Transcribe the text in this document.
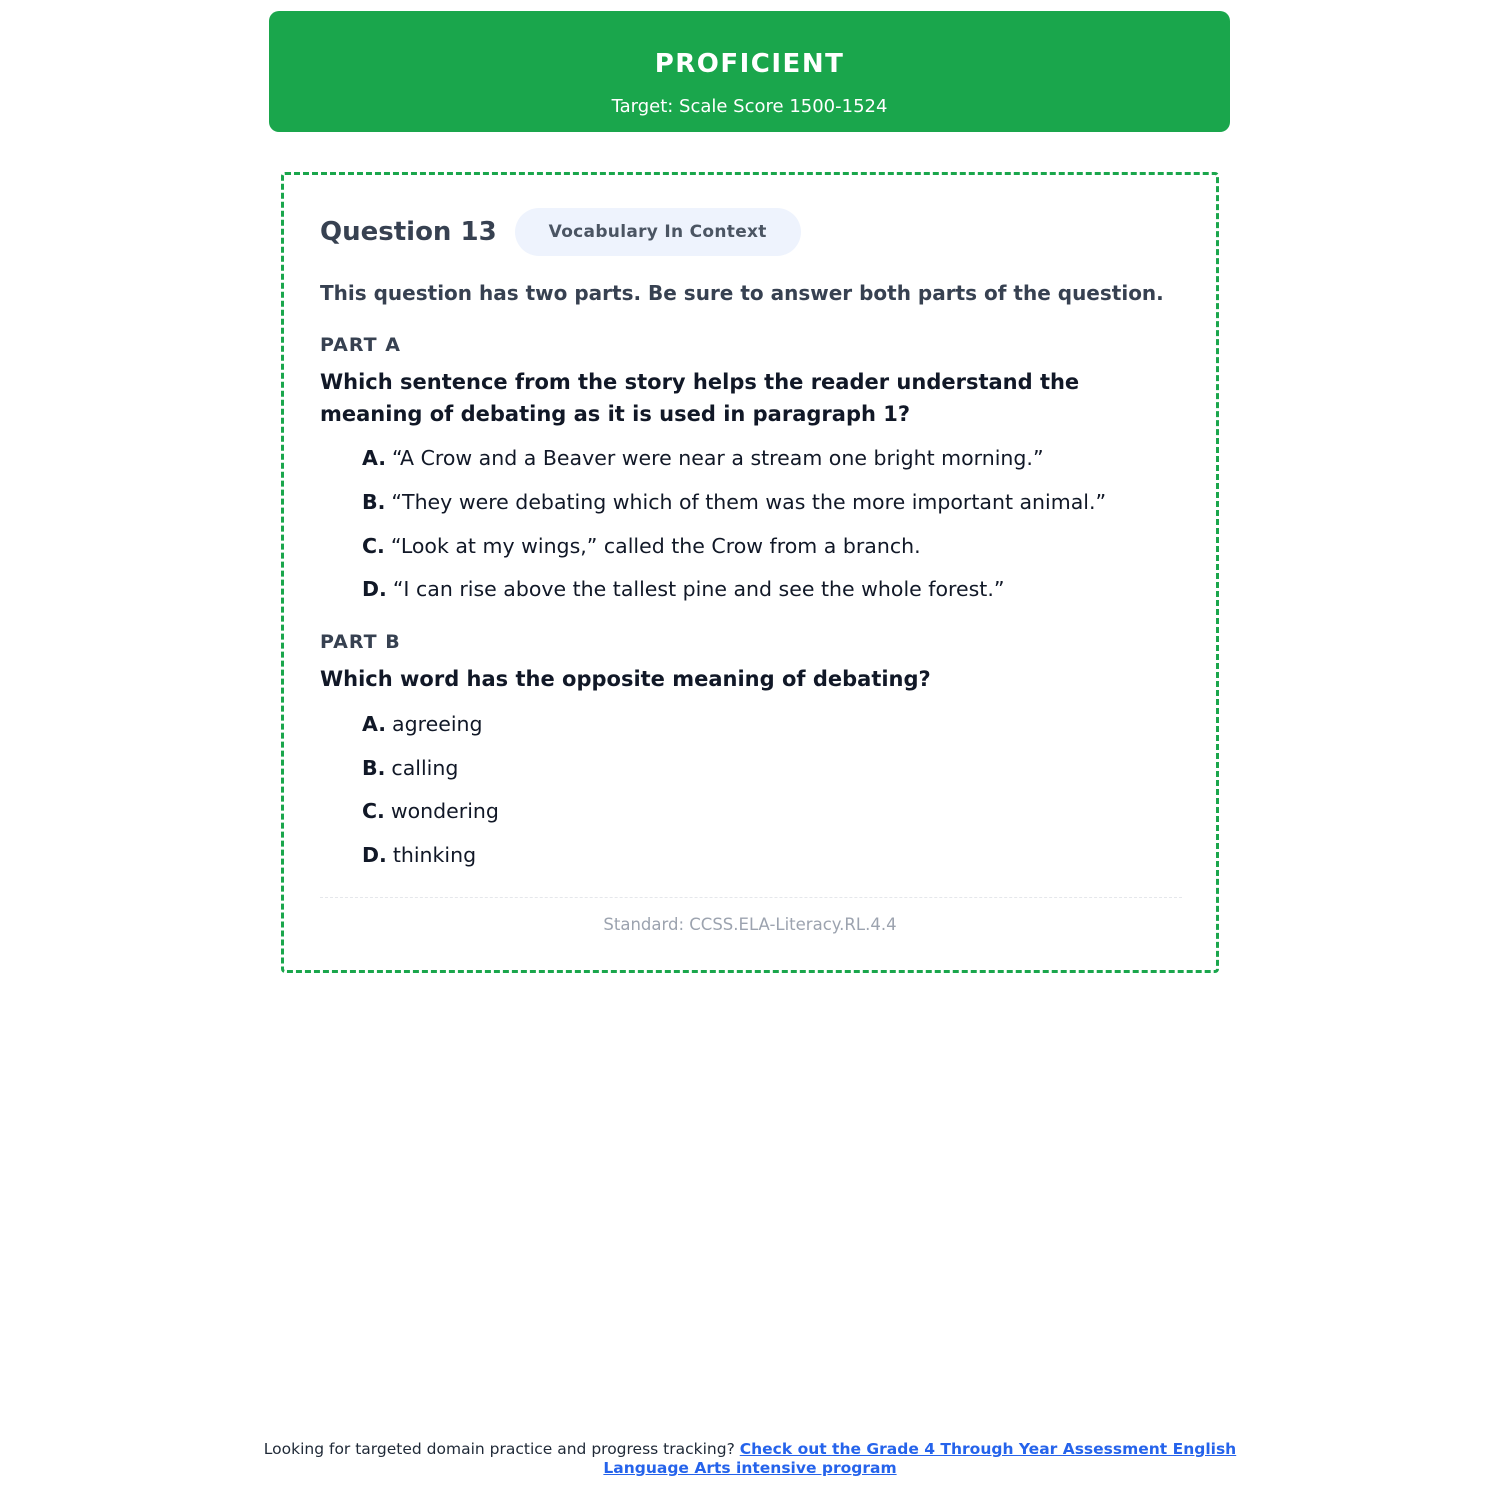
PROFICIENT
Target: Scale Score 1500-1524
Question 13	Vocabulary In Context
This question has two parts. Be sure to answer both parts of the question.
PART A
Which sentence from the story helps the reader understand the meaning of debating as it is used in paragraph 1?
A. “A Crow and a Beaver were near a stream one bright morning.”
B. “They were debating which of them was the more important animal.”
C. “Look at my wings,” called the Crow from a branch.
D. “I can rise above the tallest pine and see the whole forest.”
PART B
Which word has the opposite meaning of debating?
A. agreeing
B. calling
C. wondering
D. thinking
Standard: CCSS.ELA-Literacy.RL.4.4
Looking for targeted domain practice and progress tracking? Check out the Grade 4 Through Year Assessment English Language Arts intensive program
